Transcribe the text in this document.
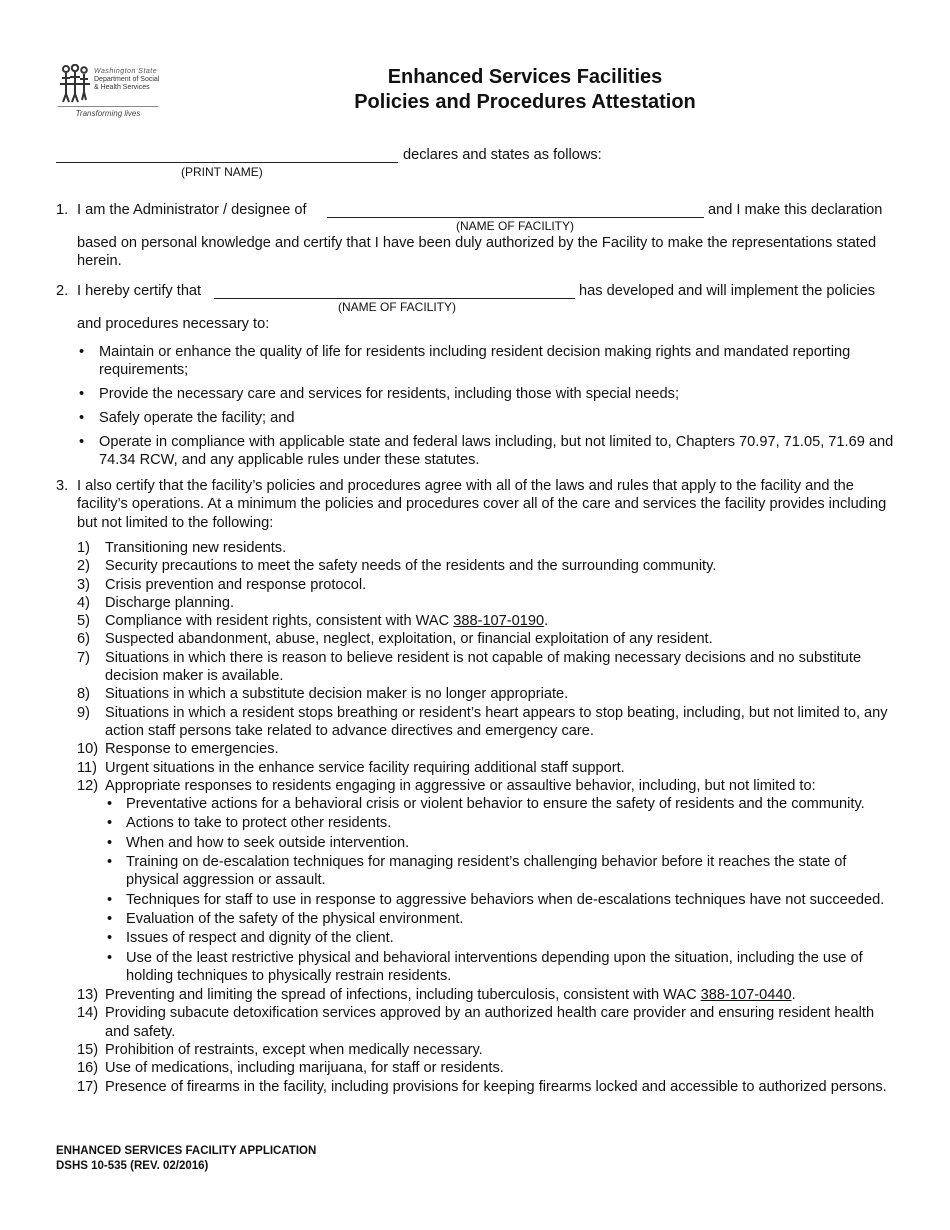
Washington State
Department of Social
& Health Services
Transforming lives
Enhanced Services Facilities
Policies and Procedures Attestation
declares and states as follows:
(PRINT NAME)
1. I am the Administrator / designee of	and I make this declaration
(NAME OF FACILITY)
based on personal knowledge and certify that I have been duly authorized by the Facility to make the representations stated herein.
2. I hereby certify that	has developed and will implement the policies
(NAME OF FACILITY)
and procedures necessary to:
• Maintain or enhance the quality of life for residents including resident decision making rights and mandated reporting requirements;
• Provide the necessary care and services for residents, including those with special needs;
• Safely operate the facility; and
• Operate in compliance with applicable state and federal laws including, but not limited to, Chapters 70.97, 71.05, 71.69 and 74.34 RCW, and any applicable rules under these statutes.
3. I also certify that the facility’s policies and procedures agree with all of the laws and rules that apply to the facility and the facility’s operations. At a minimum the policies and procedures cover all of the care and services the facility provides including but not limited to the following:
1) Transitioning new residents.
2) Security precautions to meet the safety needs of the residents and the surrounding community.
3) Crisis prevention and response protocol.
4) Discharge planning.
5) Compliance with resident rights, consistent with WAC 388-107-0190.
6) Suspected abandonment, abuse, neglect, exploitation, or financial exploitation of any resident.
7) Situations in which there is reason to believe resident is not capable of making necessary decisions and no substitute decision maker is available.
8) Situations in which a substitute decision maker is no longer appropriate.
9) Situations in which a resident stops breathing or resident’s heart appears to stop beating, including, but not limited to, any action staff persons take related to advance directives and emergency care.
10) Response to emergencies.
11) Urgent situations in the enhance service facility requiring additional staff support.
12) Appropriate responses to residents engaging in aggressive or assaultive behavior, including, but not limited to:
• Preventative actions for a behavioral crisis or violent behavior to ensure the safety of residents and the community.
• Actions to take to protect other residents.
• When and how to seek outside intervention.
• Training on de-escalation techniques for managing resident’s challenging behavior before it reaches the state of physical aggression or assault.
• Techniques for staff to use in response to aggressive behaviors when de-escalations techniques have not succeeded.
• Evaluation of the safety of the physical environment.
• Issues of respect and dignity of the client.
• Use of the least restrictive physical and behavioral interventions depending upon the situation, including the use of holding techniques to physically restrain residents.
13) Preventing and limiting the spread of infections, including tuberculosis, consistent with WAC 388-107-0440.
14) Providing subacute detoxification services approved by an authorized health care provider and ensuring resident health and safety.
15) Prohibition of restraints, except when medically necessary.
16) Use of medications, including marijuana, for staff or residents.
17) Presence of firearms in the facility, including provisions for keeping firearms locked and accessible to authorized persons.
ENHANCED SERVICES FACILITY APPLICATION
DSHS 10-535 (REV. 02/2016)
